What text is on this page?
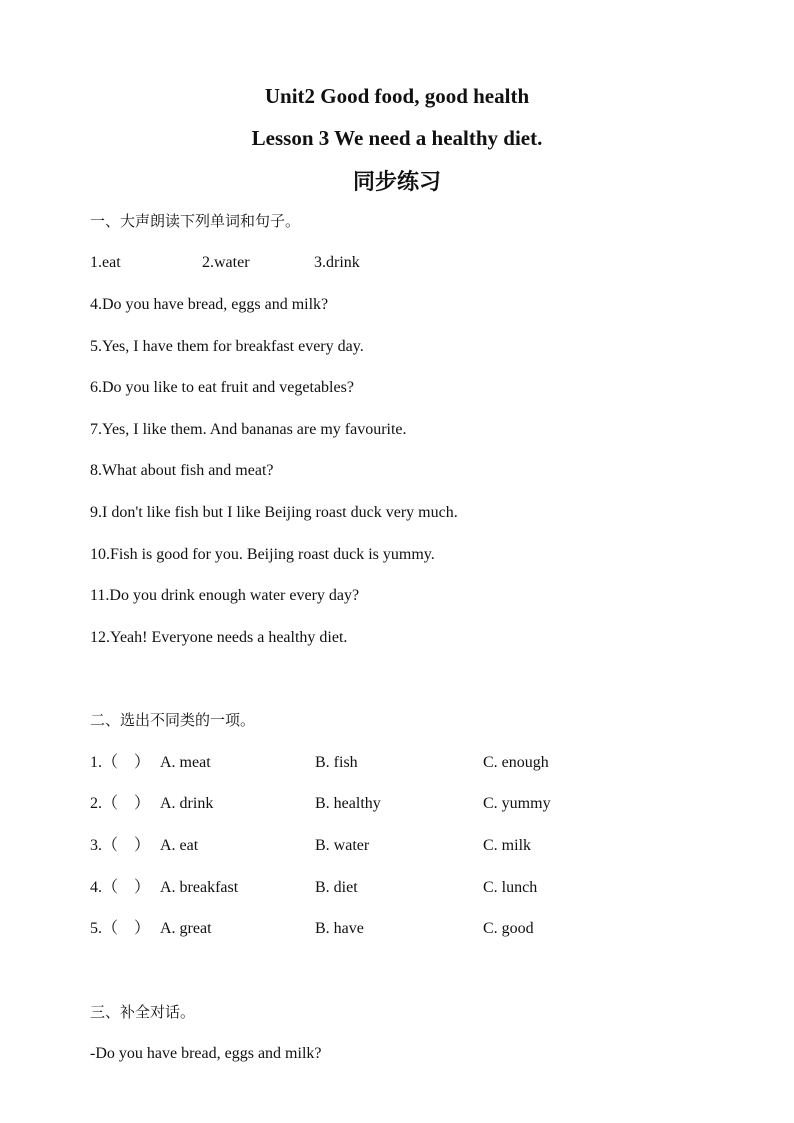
Unit2 Good food, good health
Lesson 3 We need a healthy diet.
同步练习
一、大声朗读下列单词和句子。
1.eat	2.water	3.drink
4.Do you have bread, eggs and milk?
5.Yes, I have them for breakfast every day.
6.Do you like to eat fruit and vegetables?
7.Yes, I like them. And bananas are my favourite.
8.What about fish and meat?
9.I don't like fish but I like Beijing roast duck very much.
10.Fish is good for you. Beijing roast duck is yummy.
11.Do you drink enough water every day?
12.Yeah! Everyone needs a healthy diet.
二、选出不同类的一项。
1.（　） A. meat	B. fish	C. enough
2.（　） A. drink	B. healthy	C. yummy
3.（　） A. eat	B. water	C. milk
4.（　） A. breakfast	B. diet	C. lunch
5.（　） A. great	B. have	C. good
三、补全对话。
-Do you have bread, eggs and milk?
